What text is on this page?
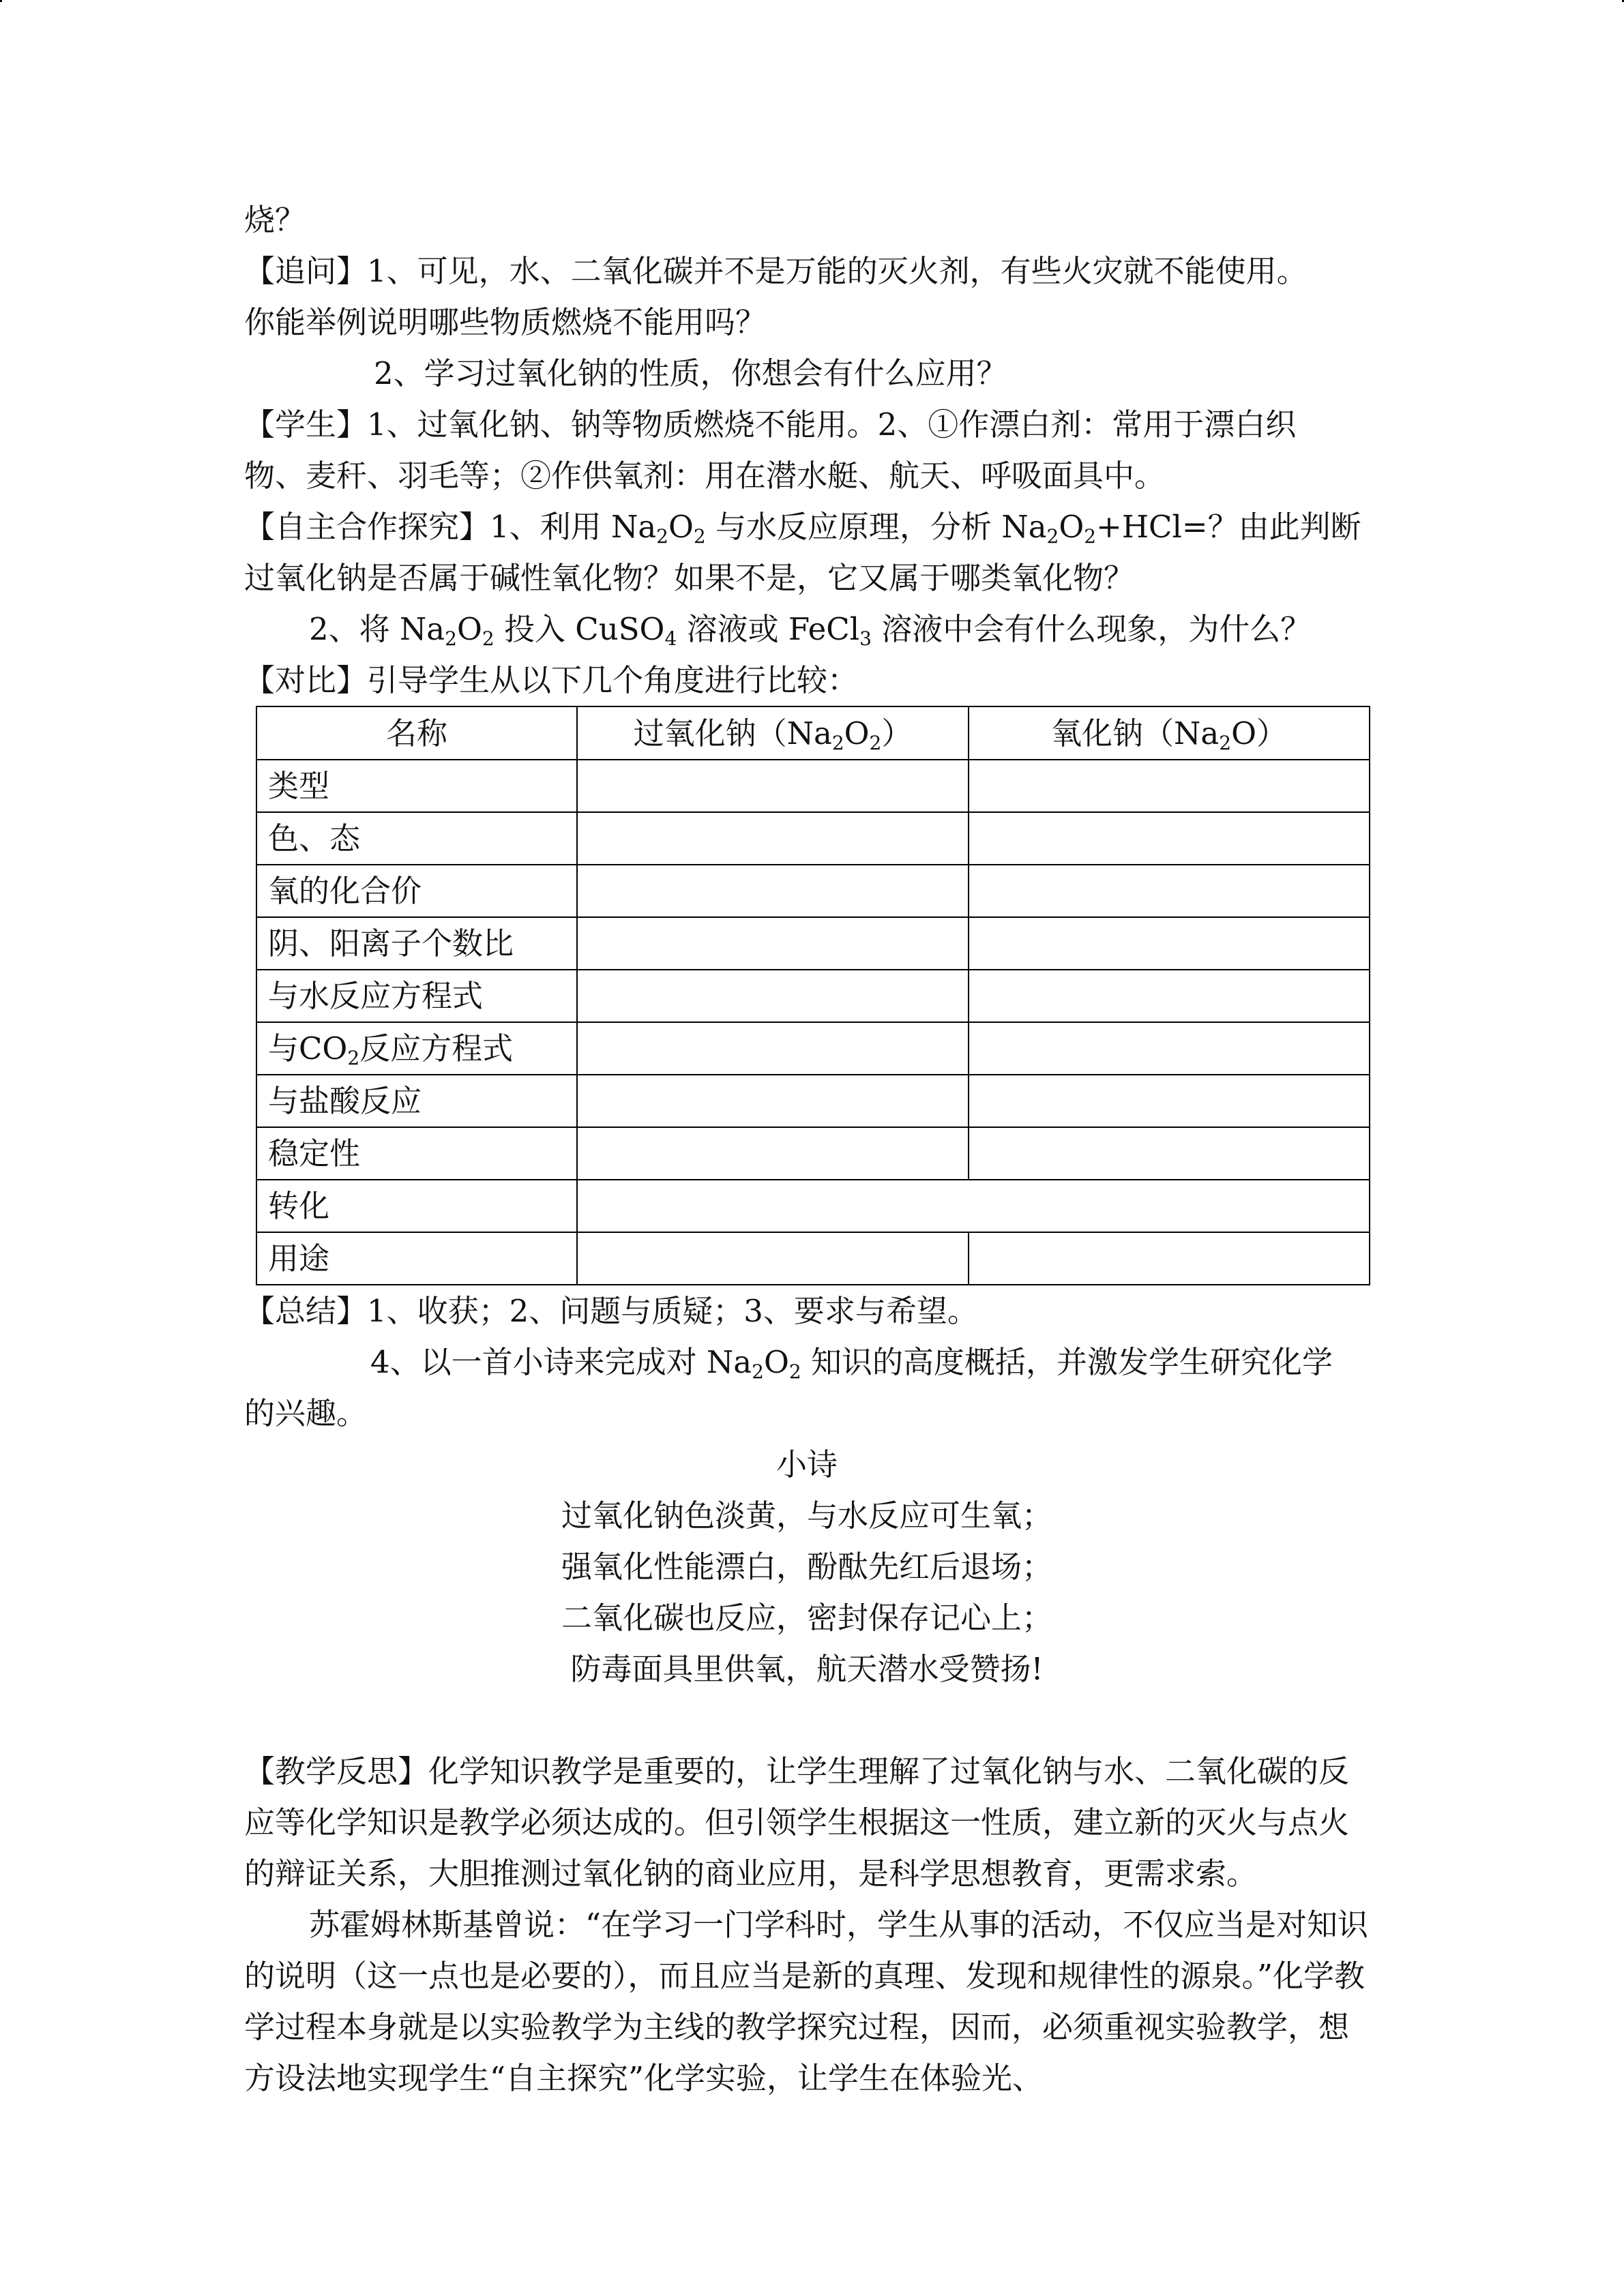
烧？

【追问】1、可见，水、二氧化碳并不是万能的灭火剂，有些火灾就不能使用。

你能举例说明哪些物质燃烧不能用吗？

2、学习过氧化钠的性质，你想会有什么应用？

【学生】1、过氧化钠、钠等物质燃烧不能用。2、①作漂白剂：常用于漂白织

物、麦秆、羽毛等；②作供氧剂：用在潜水艇、航天、呼吸面具中。

【自主合作探究】1、利用 $Na_2O_2$ 与水反应原理，分析 $Na_2O_2+HCl=$？由此判断

过氧化钠是否属于碱性氧化物？如果不是，它又属于哪类氧化物？

2、将 $Na_2O_2$ 投入 CuSO$_4$ 溶液或 FeCl$_3$ 溶液中会有什么现象，为什么？

【对比】引导学生从以下几个角度进行比较：

名称	过氧化钠$(Na_2O_2)$	氧化钠$(Na_2O)$
类型		
色、态		
氧的化合价		
阴、阳离子个数比		
与水反应方程式		
与$CO_2$反应方程式		
与盐酸反应		
稳定性		
转化		
用途		

【总结】1、收获；2、问题与质疑；3、要求与希望。

4、以一首小诗来完成对 $Na_2O_2$ 知识的高度概括，并激发学生研究化学

的兴趣。

小诗
过氧化钠色淡黄，与水反应可生氧；
强氧化性能漂白，酚酞先红后退场；
二氧化碳也反应，密封保存记心上；
防毒面具里供氧，航天潜水受赞扬!

【教学反思】化学知识教学是重要的，让学生理解了过氧化钠与水、二氧化碳的反应等化学知识是教学必须达成的。但引领学生根据这一性质，建立新的灭火与点火的辩证关系，大胆推测过氧化钠的商业应用，是科学思想教育，更需求索。

苏霍姆林斯基曾说：“在学习一门学科时，学生从事的活动，不仅应当是对知识的说明（这一点也是必要的），而且应当是新的真理、发现和规律性的源泉。”化学教学过程本身就是以实验教学为主线的教学探究过程，因而，必须重视实验教学，想方设法地实现学生“自主探究”化学实验，让学生在体验光、
